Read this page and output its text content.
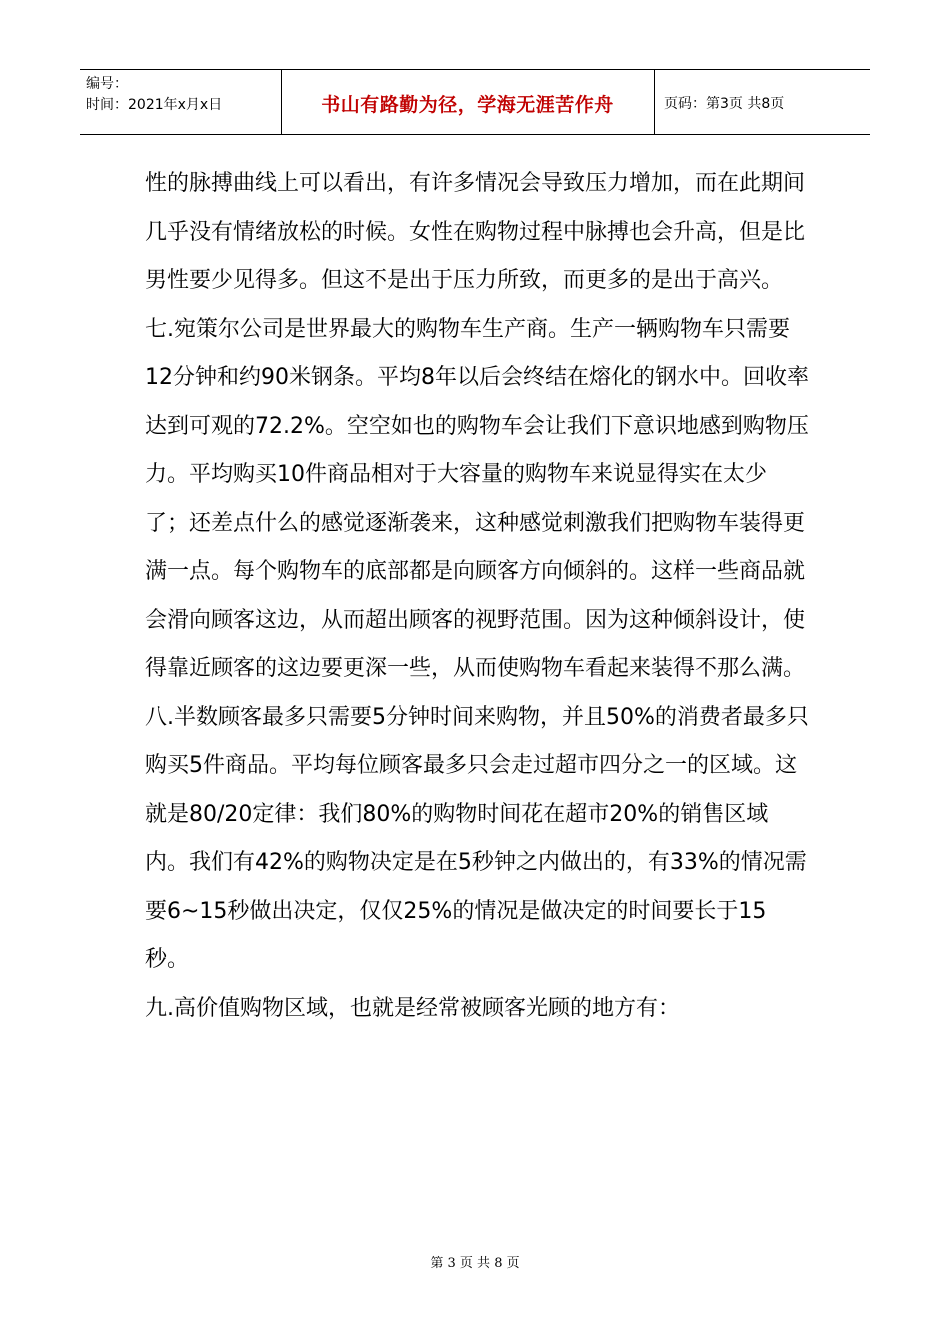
编号：
时间：2021年x月x日	书山有路勤为径，学海无涯苦作舟	页码：第3页 共8页

性的脉搏曲线上可以看出，有许多情况会导致压力增加，而在此期间几乎没有情绪放松的时候。女性在购物过程中脉搏也会升高，但是比男性要少见得多。但这不是出于压力所致，而更多的是出于高兴。

七.宛策尔公司是世界最大的购物车生产商。生产一辆购物车只需要12分钟和约90米钢条。平均8年以后会终结在熔化的钢水中。回收率达到可观的72.2%。空空如也的购物车会让我们下意识地感到购物压力。平均购买10件商品相对于大容量的购物车来说显得实在太少了；还差点什么的感觉逐渐袭来，这种感觉刺激我们把购物车装得更满一点。每个购物车的底部都是向顾客方向倾斜的。这样一些商品就会滑向顾客这边，从而超出顾客的视野范围。因为这种倾斜设计，使得靠近顾客的这边要更深一些，从而使购物车看起来装得不那么满。

八.半数顾客最多只需要5分钟时间来购物，并且50%的消费者最多只购买5件商品。平均每位顾客最多只会走过超市四分之一的区域。这就是80/20定律：我们80%的购物时间花在超市20%的销售区域内。我们有42%的购物决定是在5秒钟之内做出的，有33%的情况需要6~15秒做出决定，仅仅25%的情况是做决定的时间要长于15秒。

九.高价值购物区域，也就是经常被顾客光顾的地方有：

第 3 页 共 8 页
